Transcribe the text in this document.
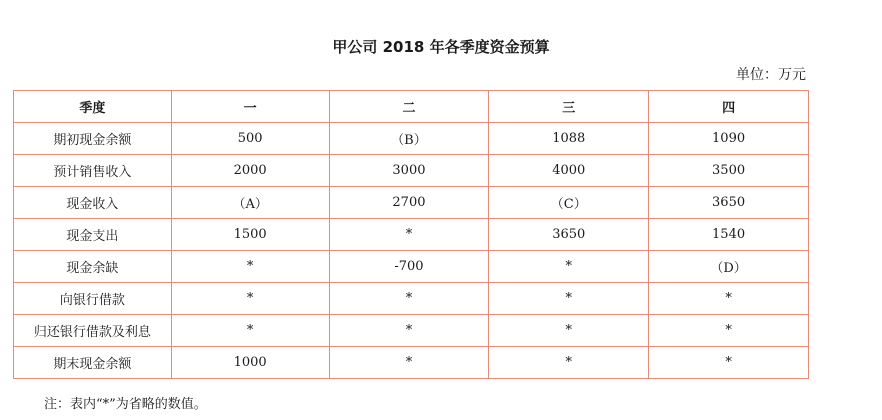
甲公司 2018 年各季度资金预算
单位：万元
季度	一	二	三	四
期初现金余额	500	（B）	1088	1090
预计销售收入	2000	3000	4000	3500
现金收入	（A）	2700	（C）	3650
现金支出	1500	*	3650	1540
现金余缺	*	-700	*	（D）
向银行借款	*	*	*	*
归还银行借款及利息	*	*	*	*
期末现金余额	1000	*	*	*
注：表内“*”为省略的数值。
